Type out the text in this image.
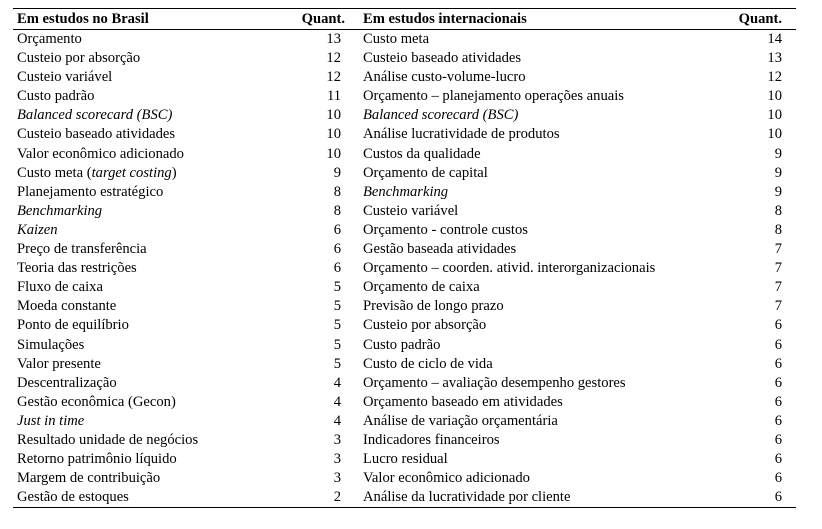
Em estudos no Brasil	Quant.	Em estudos internacionais	Quant.
Orçamento	13	Custo meta	14
Custeio por absorção	12	Custeio baseado atividades	13
Custeio variável	12	Análise custo-volume-lucro	12
Custo padrão	11	Orçamento – planejamento operações anuais	10
Balanced scorecard (BSC)	10	Balanced scorecard (BSC)	10
Custeio baseado atividades	10	Análise lucratividade de produtos	10
Valor econômico adicionado	10	Custos da qualidade	9
Custo meta (target costing)	9	Orçamento de capital	9
Planejamento estratégico	8	Benchmarking	9
Benchmarking	8	Custeio variável	8
Kaizen	6	Orçamento - controle custos	8
Preço de transferência	6	Gestão baseada atividades	7
Teoria das restrições	6	Orçamento – coorden. ativid. interorganizacionais	7
Fluxo de caixa	5	Orçamento de caixa	7
Moeda constante	5	Previsão de longo prazo	7
Ponto de equilíbrio	5	Custeio por absorção	6
Simulações	5	Custo padrão	6
Valor presente	5	Custo de ciclo de vida	6
Descentralização	4	Orçamento – avaliação desempenho gestores	6
Gestão econômica (Gecon)	4	Orçamento baseado em atividades	6
Just in time	4	Análise de variação orçamentária	6
Resultado unidade de negócios	3	Indicadores financeiros	6
Retorno patrimônio líquido	3	Lucro residual	6
Margem de contribuição	3	Valor econômico adicionado	6
Gestão de estoques	2	Análise da lucratividade por cliente	6
